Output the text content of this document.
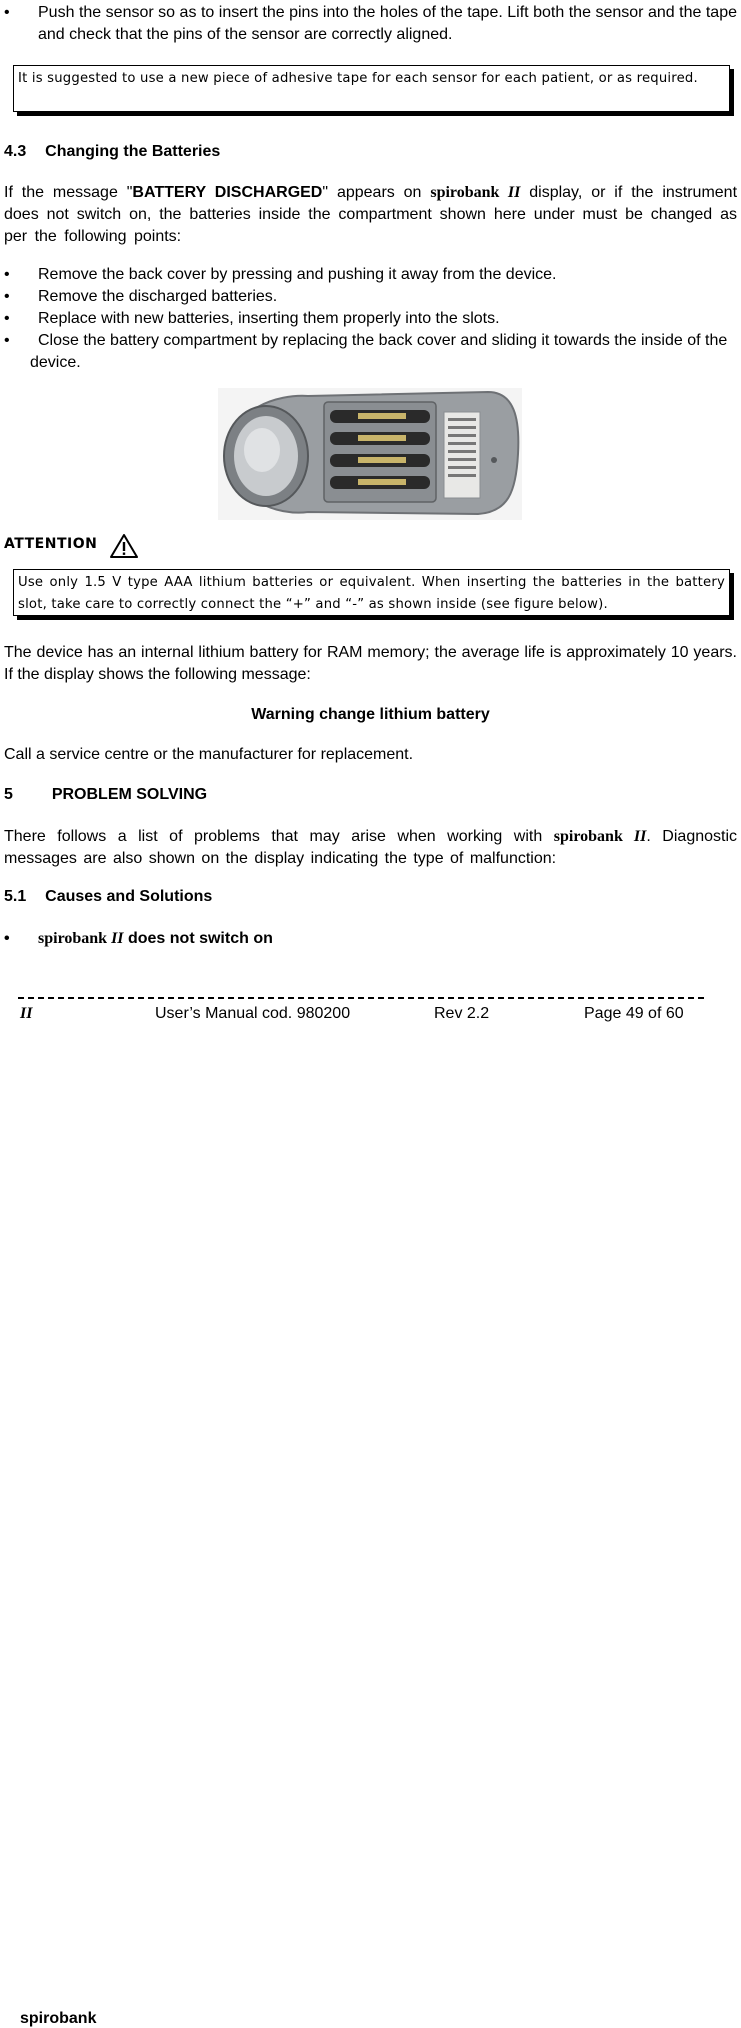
• Push the sensor so as to insert the pins into the holes of the tape. Lift both the sensor and the tape and check that the pins of the sensor are correctly aligned.
It is suggested to use a new piece of adhesive tape for each sensor for each patient, or as required.
4.3 Changing the Batteries
If the message "BATTERY DISCHARGED" appears on spirobank II display, or if the instrument does not switch on, the batteries inside the compartment shown here under must be changed as per the following points:
• Remove the back cover by pressing and pushing it away from the device.
• Remove the discharged batteries.
• Replace with new batteries, inserting them properly into the slots.
•	Close the battery compartment by replacing the back cover and sliding it towards the inside of the device.
ATTENTION
Use only 1.5 V type AAA lithium batteries or equivalent. When inserting the batteries in the battery slot, take care to correctly connect the “+” and “-” as shown inside (see figure below).
The device has an internal lithium battery for RAM memory; the average life is approximately 10 years. If the display shows the following message:
Warning change lithium battery
Call a service centre or the manufacturer for replacement.
5 PROBLEM SOLVING
There follows a list of problems that may arise when working with spirobank II. Diagnostic messages are also shown on the display indicating the type of malfunction:
5.1 Causes and Solutions
• spirobank II does not switch on
spirobank
II	User’s Manual cod. 980200	Rev 2.2	Page 49 of 60
